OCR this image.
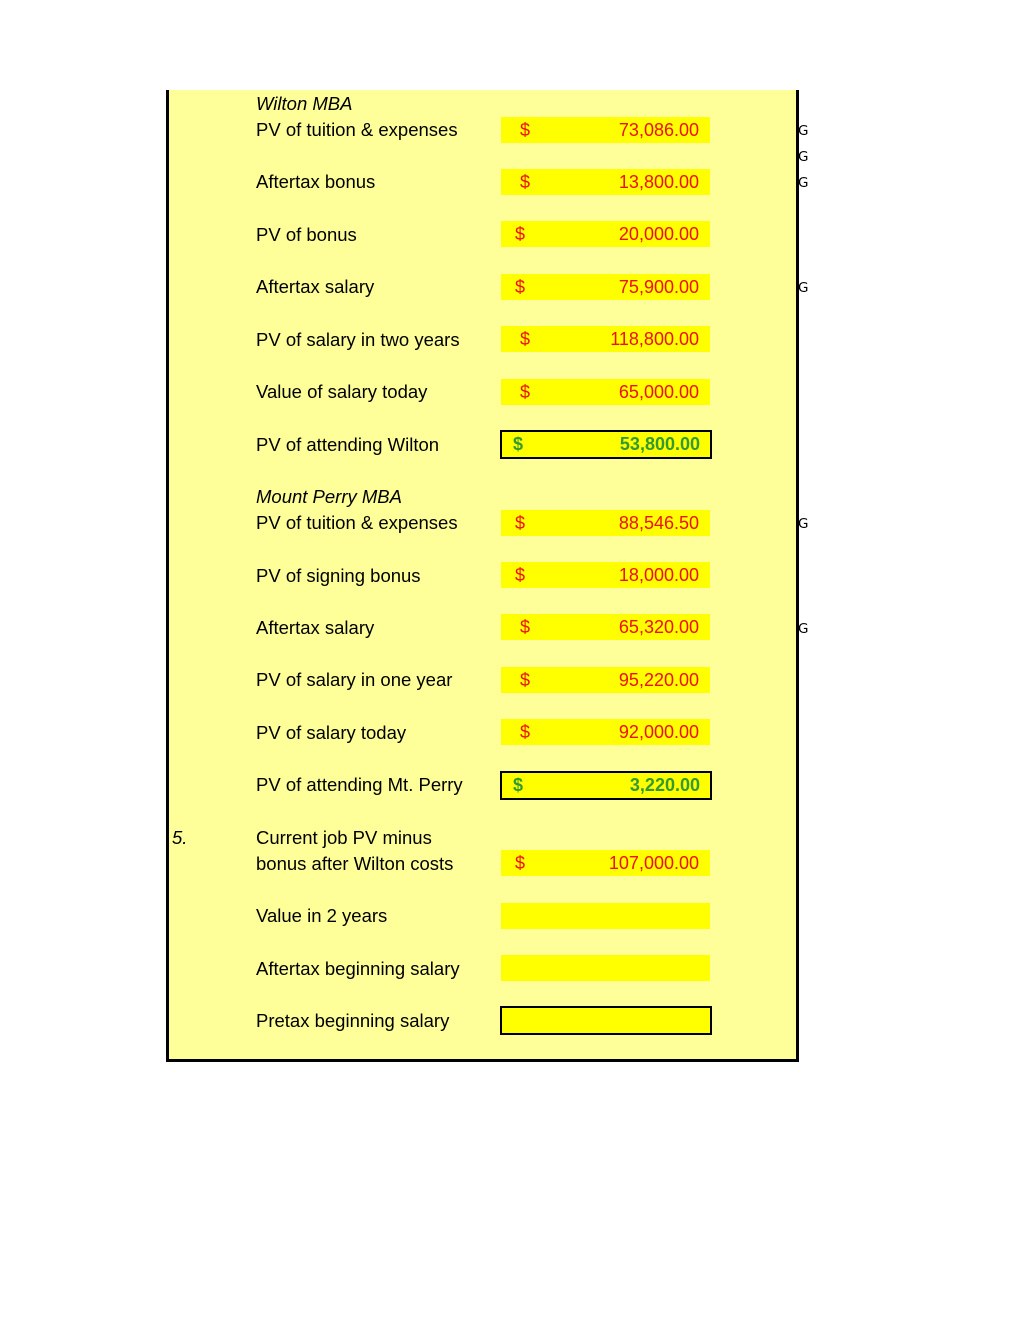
Wilton MBA
PV of tuition & expenses	$	73,086.00
Aftertax bonus	$	13,800.00
PV of bonus	$	20,000.00
Aftertax salary	$	75,900.00
PV of salary in two years	$	118,800.00
Value of salary today	$	65,000.00
PV of attending Wilton	$	53,800.00
Mount Perry MBA
PV of tuition & expenses	$	88,546.50
PV of signing bonus	$	18,000.00
Aftertax salary	$	65,320.00
PV of salary in one year	$	95,220.00
PV of salary today	$	92,000.00
PV of attending Mt. Perry	$	3,220.00
5.	Current job PV minus
bonus after Wilton costs	$	107,000.00
Value in 2 years
Aftertax beginning salary
Pretax beginning salary
G
G
G
G
G
G
